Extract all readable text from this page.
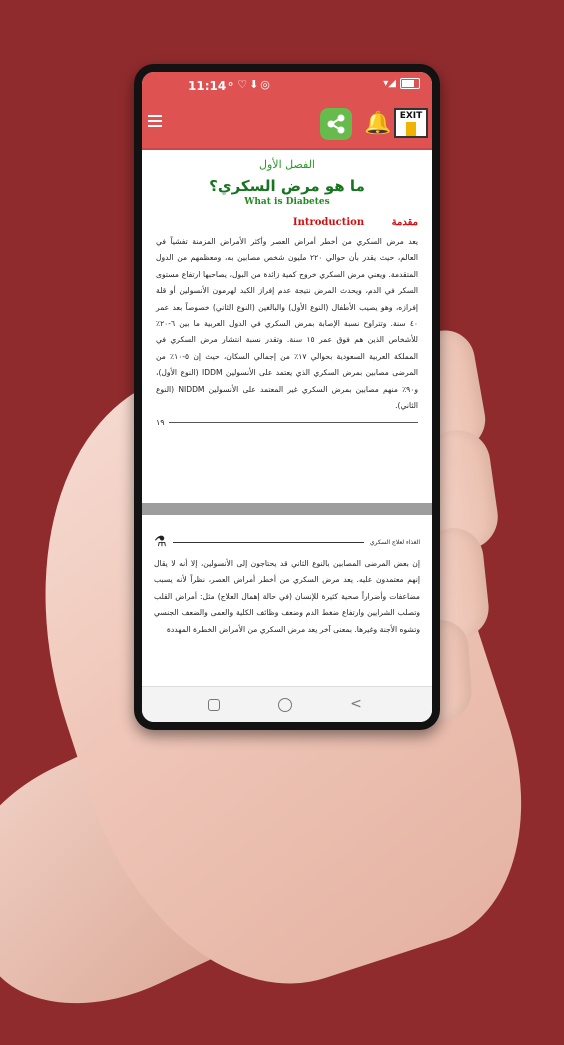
11:14 ⚬♡⬇◎	▾◢
🔔 EXIT
الفصل الأول
ما هو مرض السكري؟
What is Diabetes
مقدمة Introduction
يعد مرض السكري من أخطر أمراض العصر وأكثر الأمراض المزمنة تفشياً في العالم، حيث يقدر بأن حوالي ٢٢٠ مليون شخص مصابين به، ومعظمهم من الدول المتقدمة. ويعني مرض السكري خروج كمية زائدة من البول، يصاحبها ارتفاع مستوى السكر في الدم، ويحدث المرض نتيجة عدم إفراز الكبد لهرمون الأنسولين أو قلة إفرازه، وهو يصيب الأطفال (النوع الأول) والبالغين (النوع الثاني) خصوصاً بعد عمر ٤٠ سنة. وتتراوح نسبة الإصابة بمرض السكري في الدول العربية ما بين ٦-٢٠٪ للأشخاص الذين هم فوق عمر ١٥ سنة. وتقدر نسبة انتشار مرض السكري في المملكة العربية السعودية بحوالي ١٧٪ من إجمالي السكان، حيث إن ٥-١٠٪ من المرضى مصابين بمرض السكري الذي يعتمد على الأنسولين IDDM (النوع الأول)، و٩٠٪ منهم مصابين بمرض السكري غير المعتمد على الأنسولين NIDDM (النوع الثاني).
١٩
الغذاء لعلاج السكري
⚗
إن بعض المرضى المصابين بالنوع الثاني قد يحتاجون إلى الأنسولين، إلا أنه لا يقال إنهم معتمدون عليه. يعد مرض السكري من أخطر أمراض العصر، نظراً لأنه يسبب مضاعفات وأضراراً صحية كثيرة للإنسان (في حالة إهمال العلاج) مثل: أمراض القلب وتصلب الشرايين وارتفاع ضغط الدم وضعف وظائف الكلية والعمى والضعف الجنسي وتشوه الأجنة وغيرها. بمعنى آخر يعد مرض السكري من الأمراض الخطرة المهددة
<
